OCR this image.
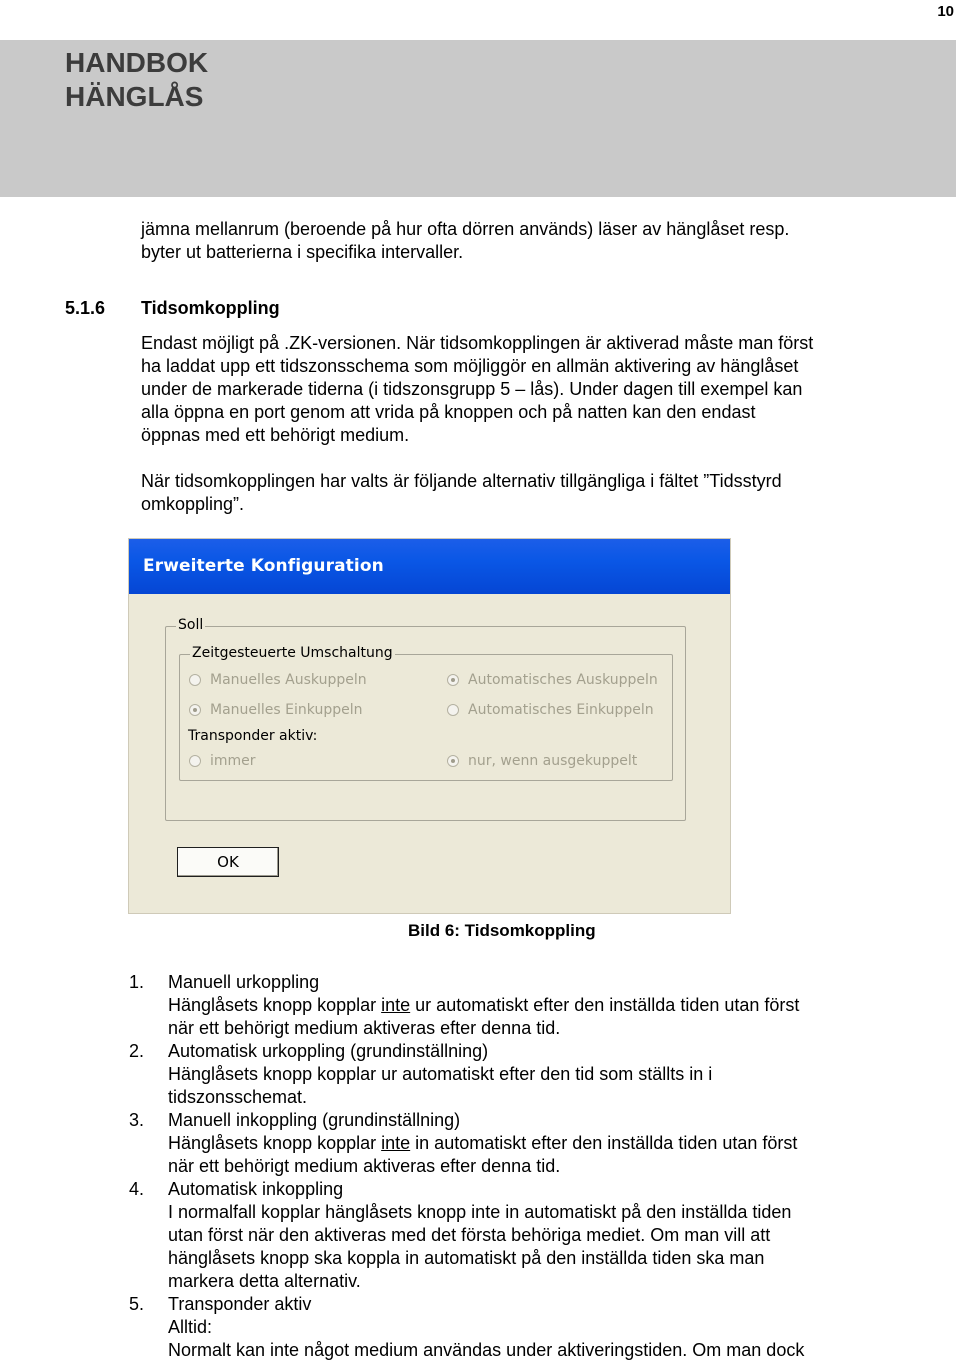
10
HANDBOK
HÄNGLÅS
jämna mellanrum (beroende på hur ofta dörren används) läser av hänglåset resp.
byter ut batterierna i specifika intervaller.
5.1.6 Tidsomkoppling
Endast möjligt på .ZK-versionen. När tidsomkopplingen är aktiverad måste man först
ha laddat upp ett tidszonsschema som möjliggör en allmän aktivering av hänglåset
under de markerade tiderna (i tidszonsgrupp 5 – lås). Under dagen till exempel kan
alla öppna en port genom att vrida på knoppen och på natten kan den endast
öppnas med ett behörigt medium.
När tidsomkopplingen har valts är följande alternativ tillgängliga i fältet ”Tidsstyrd
omkoppling”.
Erweiterte Konfiguration
Soll
Zeitgesteuerte Umschaltung
Manuelles Auskuppeln	Automatisches Auskuppeln
Manuelles Einkuppeln	Automatisches Einkuppeln
Transponder aktiv:
immer	nur, wenn ausgekuppelt
OK
Bild 6: Tidsomkoppling
1. Manuell urkoppling
Hänglåsets knopp kopplar inte ur automatiskt efter den inställda tiden utan först
när ett behörigt medium aktiveras efter denna tid.
2. Automatisk urkoppling (grundinställning)
Hänglåsets knopp kopplar ur automatiskt efter den tid som ställts in i
tidszonsschemat.
3. Manuell inkoppling (grundinställning)
Hänglåsets knopp kopplar inte in automatiskt efter den inställda tiden utan först
när ett behörigt medium aktiveras efter denna tid.
4. Automatisk inkoppling
I normalfall kopplar hänglåsets knopp inte in automatiskt på den inställda tiden
utan först när den aktiveras med det första behöriga mediet. Om man vill att
hänglåsets knopp ska koppla in automatiskt på den inställda tiden ska man
markera detta alternativ.
5. Transponder aktiv
Alltid:
Normalt kan inte något medium användas under aktiveringstiden. Om man dock
